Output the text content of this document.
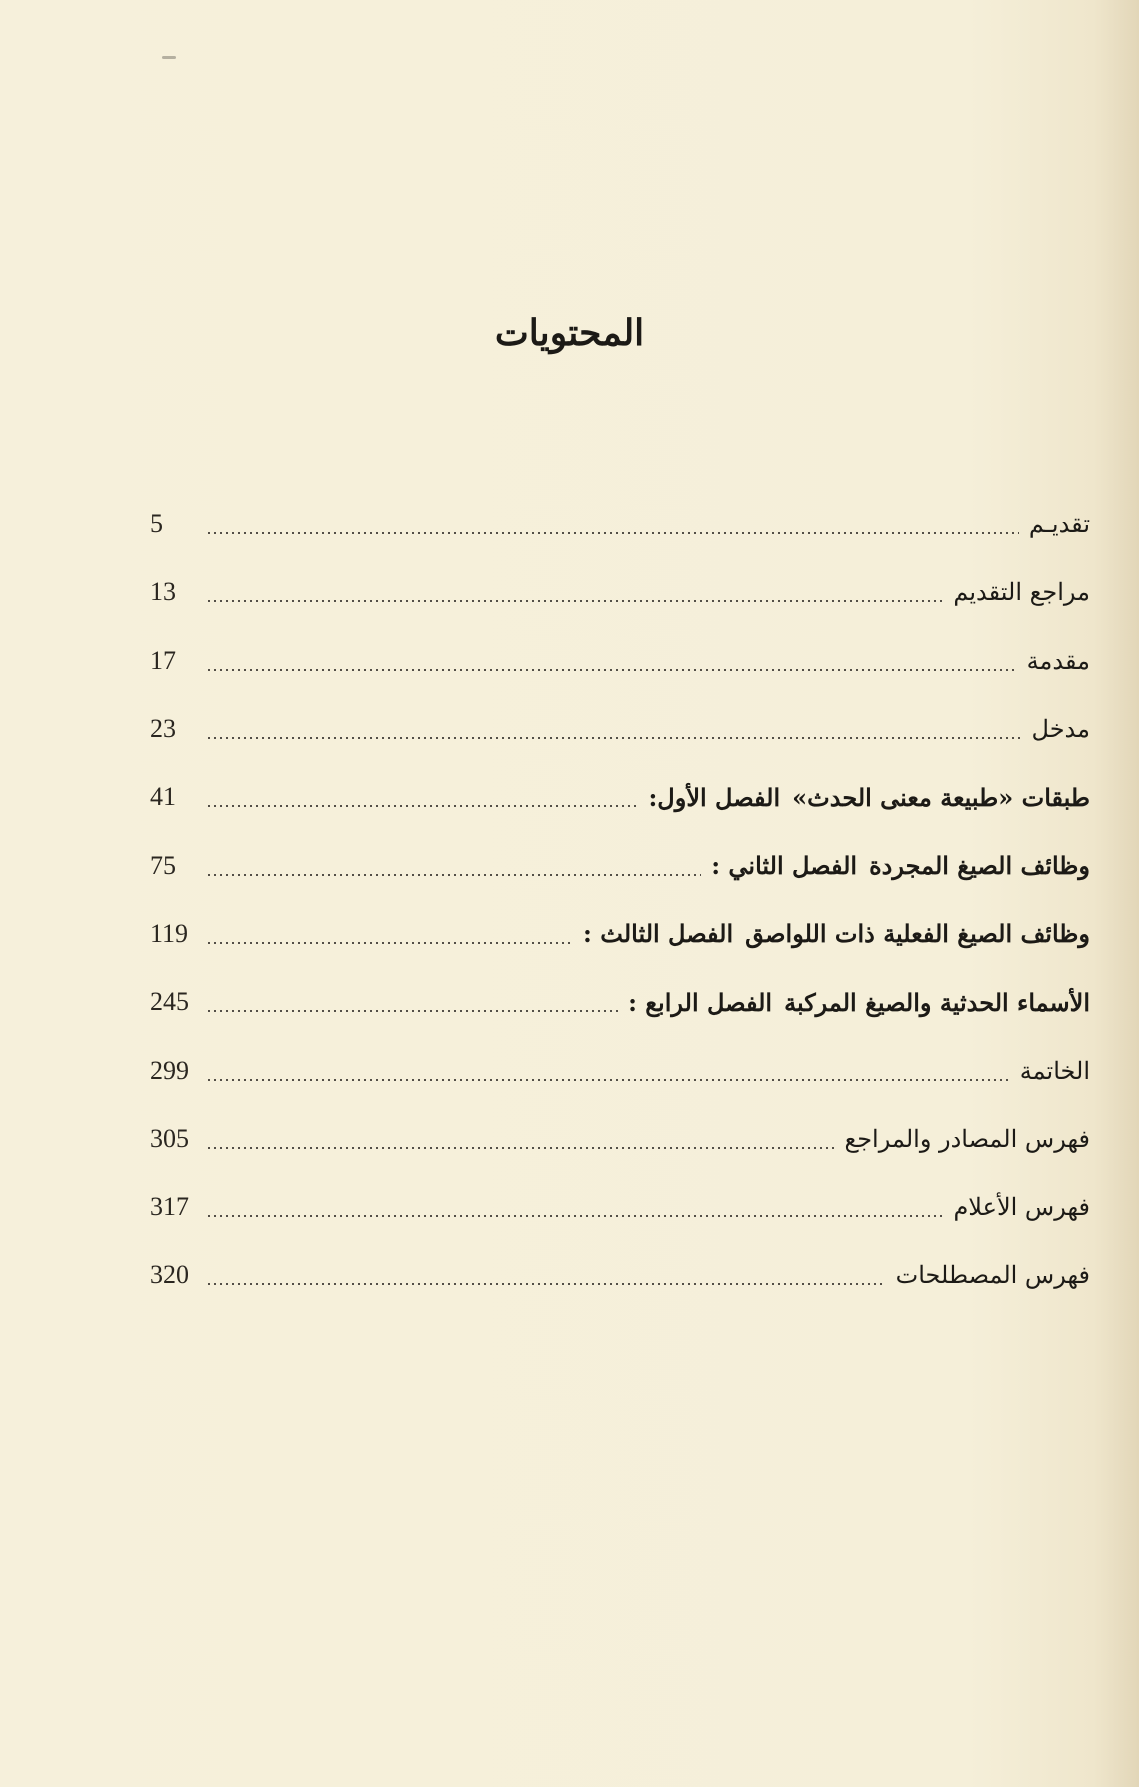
المحتويات
5	تقديـم
13	مراجع التقديم
17	مقدمة
23	مدخل
41	الفصل الأول: طبقات «طبيعة معنى الحدث»
75	الفصل الثاني : وظائف الصيغ المجردة
119	الفصل الثالث : وظائف الصيغ الفعلية ذات اللواصق
245	الفصل الرابع : الأسماء الحدثية والصيغ المركبة
299	الخاتمة
305	فهرس المصادر والمراجع
317	فهرس الأعلام
320	فهرس المصطلحات
